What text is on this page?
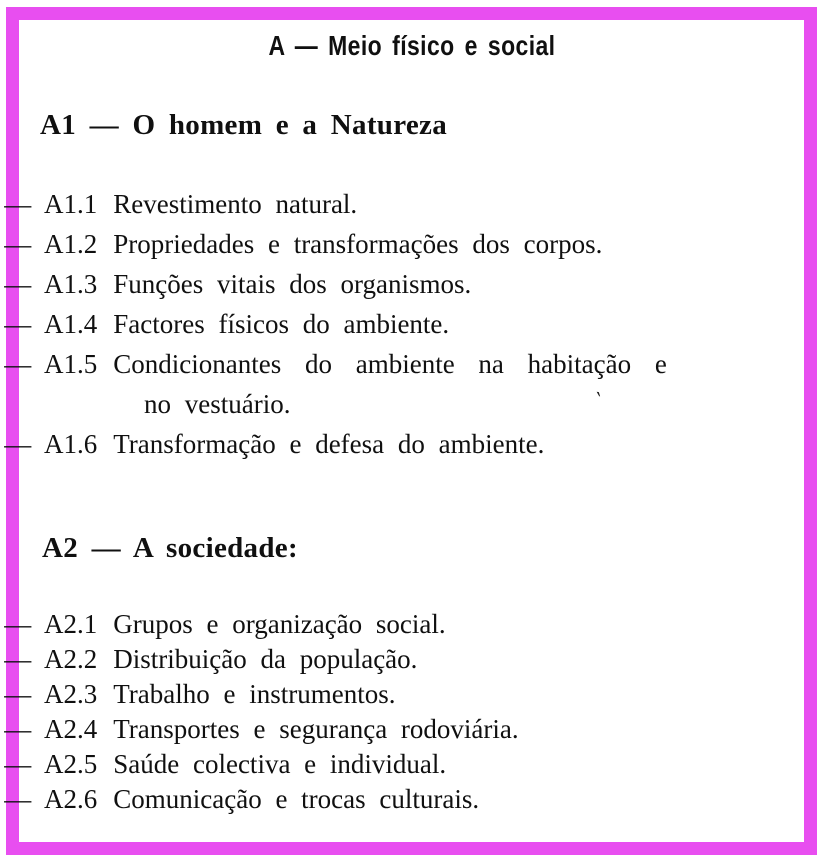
A — Meio físico e social
A1 — O homem e a Natureza
A1.1 Revestimento natural.
A1.2 Propriedades e transformações dos corpos.
A1.3 Funções vitais dos organismos.
A1.4 Factores físicos do ambiente.
A1.5 Condicionantes do ambiente na habitação e
no vestuário.
A1.6 Transformação e defesa do ambiente.
A2 — A sociedade:
A2.1 Grupos e organização social.
A2.2 Distribuição da população.
A2.3 Trabalho e instrumentos.
A2.4 Transportes e segurança rodoviária.
A2.5 Saúde colectiva e individual.
A2.6 Comunicação e trocas culturais.
‵
